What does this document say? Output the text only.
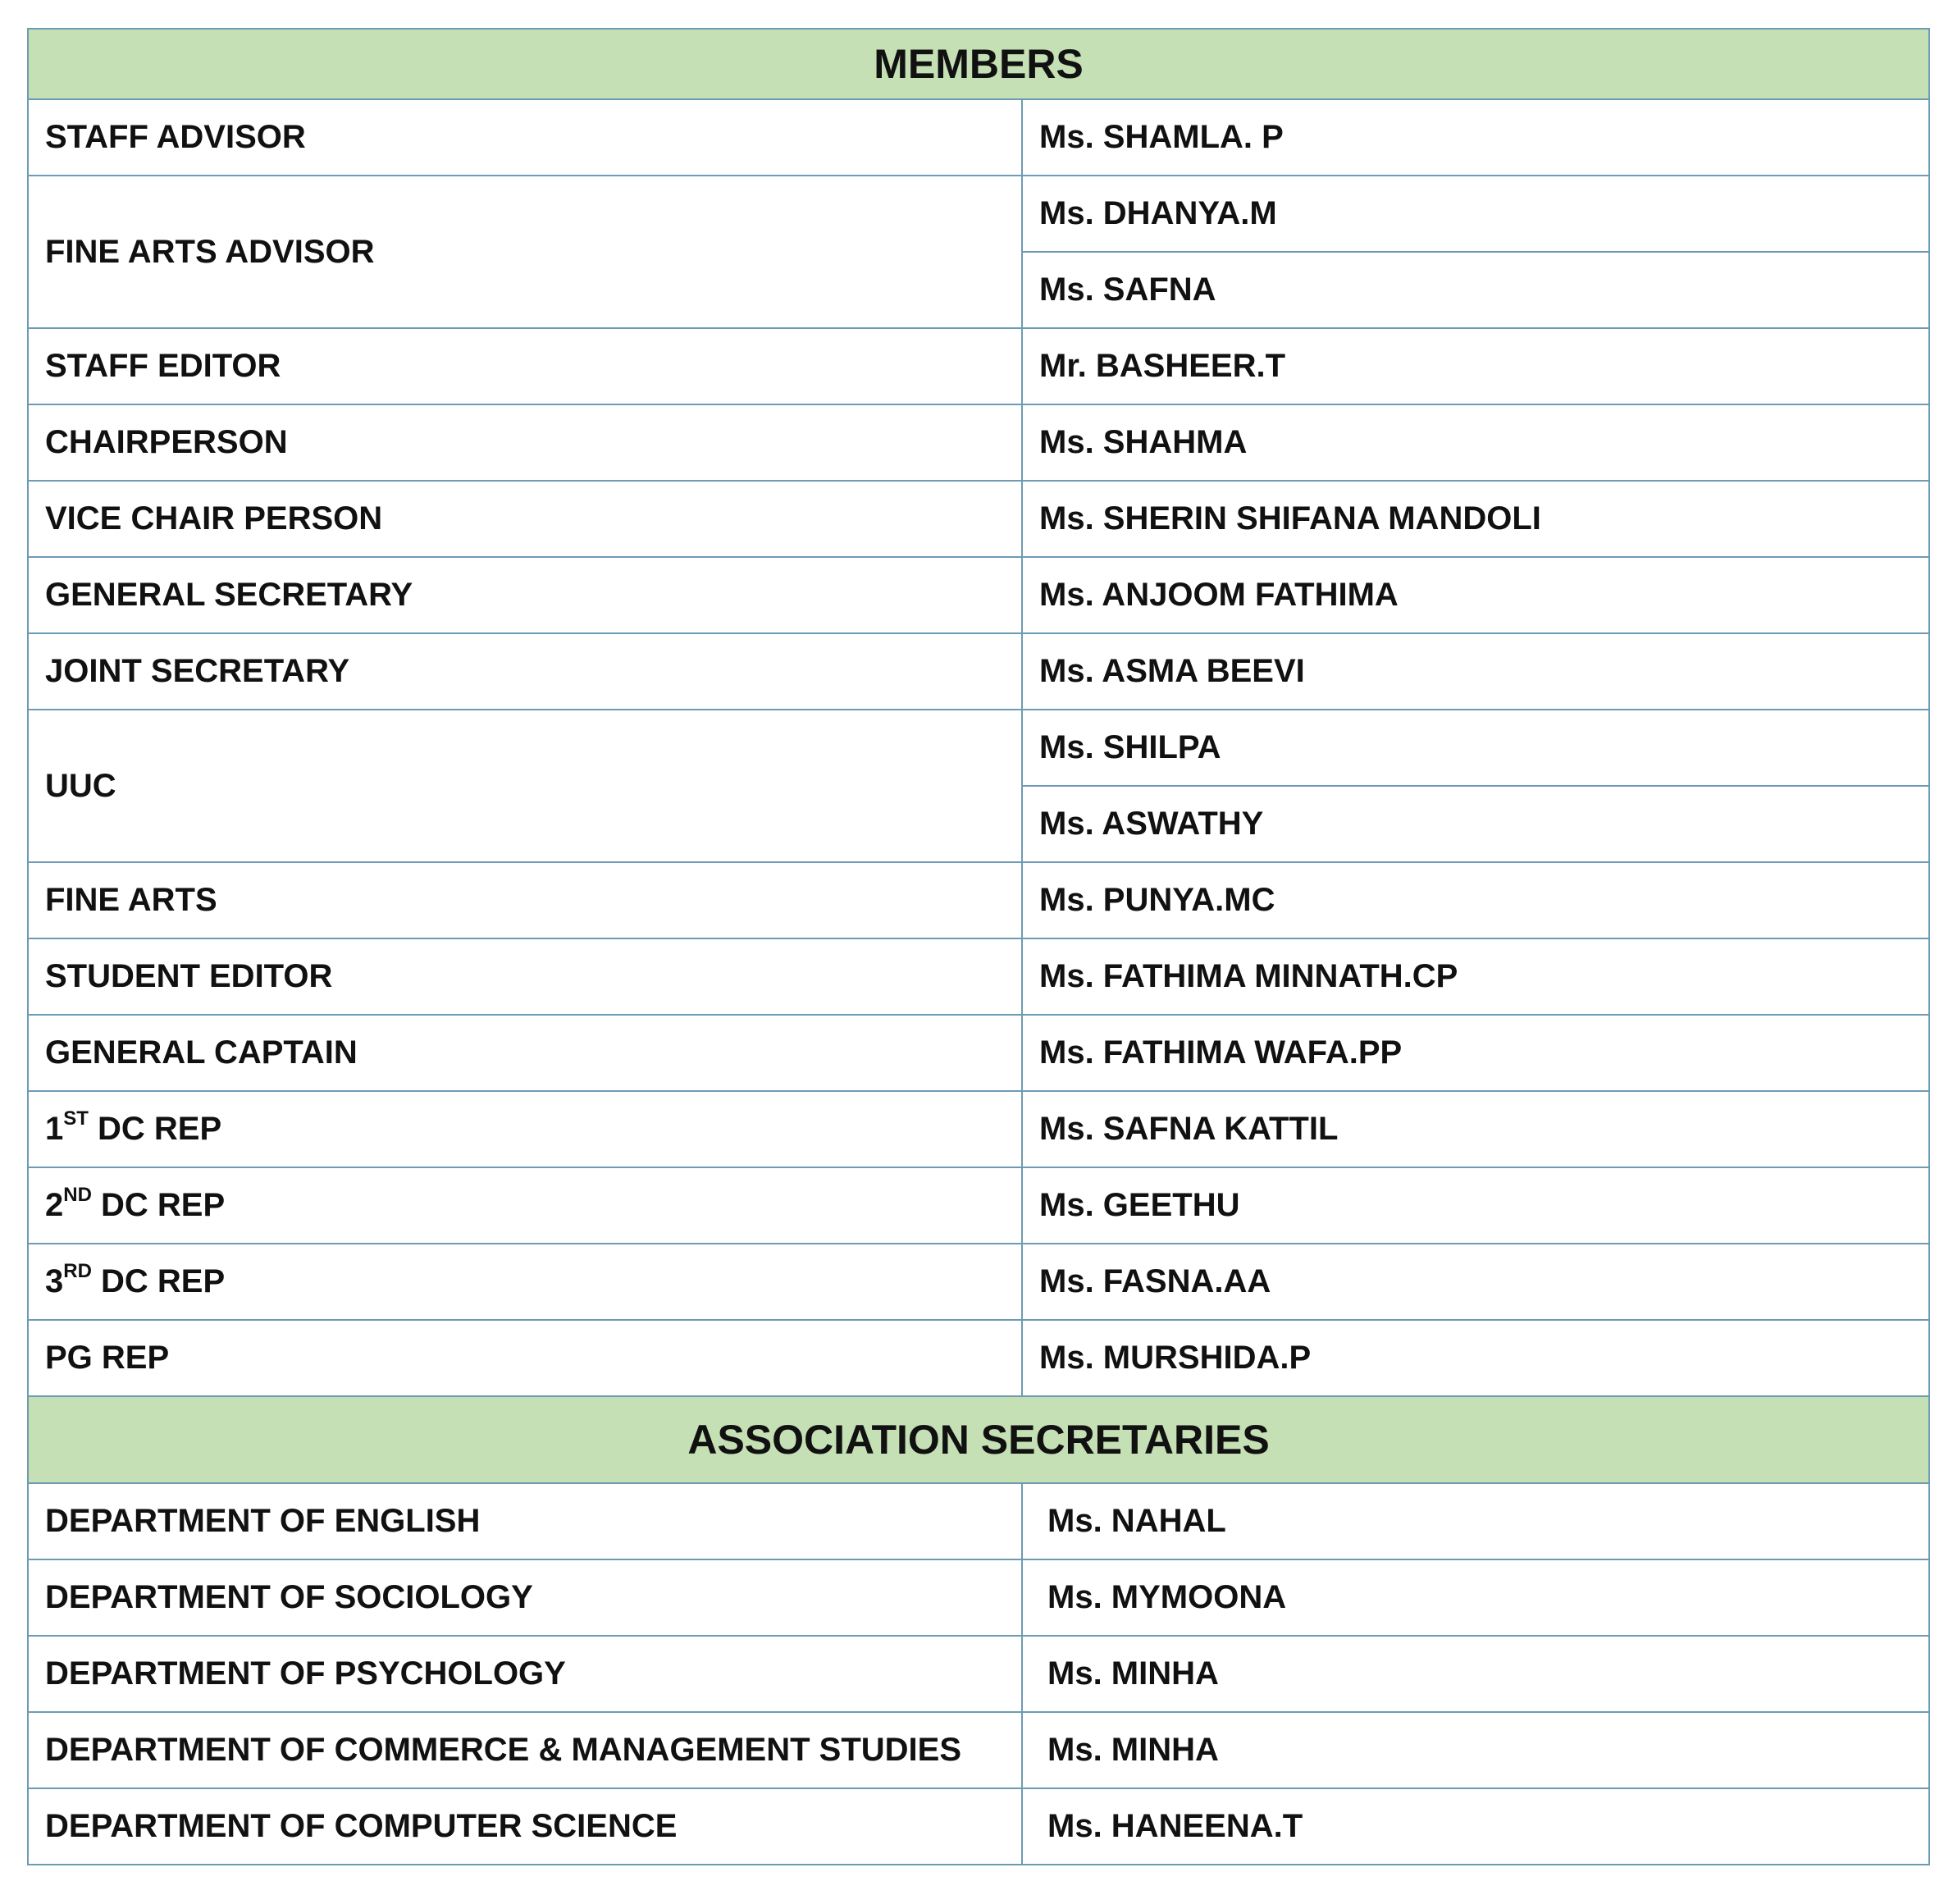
MEMBERS	
STAFF ADVISOR	Ms. SHAMLA. P
FINE ARTS ADVISOR	Ms. DHANYA.M
	Ms. SAFNA
STAFF EDITOR	Mr. BASHEER.T
CHAIRPERSON	Ms. SHAHMA
VICE CHAIR PERSON	Ms. SHERIN SHIFANA MANDOLI
GENERAL SECRETARY	Ms. ANJOOM FATHIMA
JOINT SECRETARY	Ms. ASMA BEEVI
UUC	Ms. SHILPA
	Ms. ASWATHY
FINE ARTS	Ms. PUNYA.MC
STUDENT EDITOR	Ms. FATHIMA MINNATH.CP
GENERAL CAPTAIN	Ms. FATHIMA WAFA.PP
1ST DC REP	Ms. SAFNA KATTIL
2ND DC REP	Ms. GEETHU
3RD DC REP	Ms. FASNA.AA
PG REP	Ms. MURSHIDA.P
ASSOCIATION SECRETARIES	
DEPARTMENT OF ENGLISH	Ms. NAHAL
DEPARTMENT OF SOCIOLOGY	Ms. MYMOONA
DEPARTMENT OF PSYCHOLOGY	Ms. MINHA
DEPARTMENT OF COMMERCE & MANAGEMENT STUDIES	Ms. MINHA
DEPARTMENT OF COMPUTER SCIENCE	Ms. HANEENA.T
